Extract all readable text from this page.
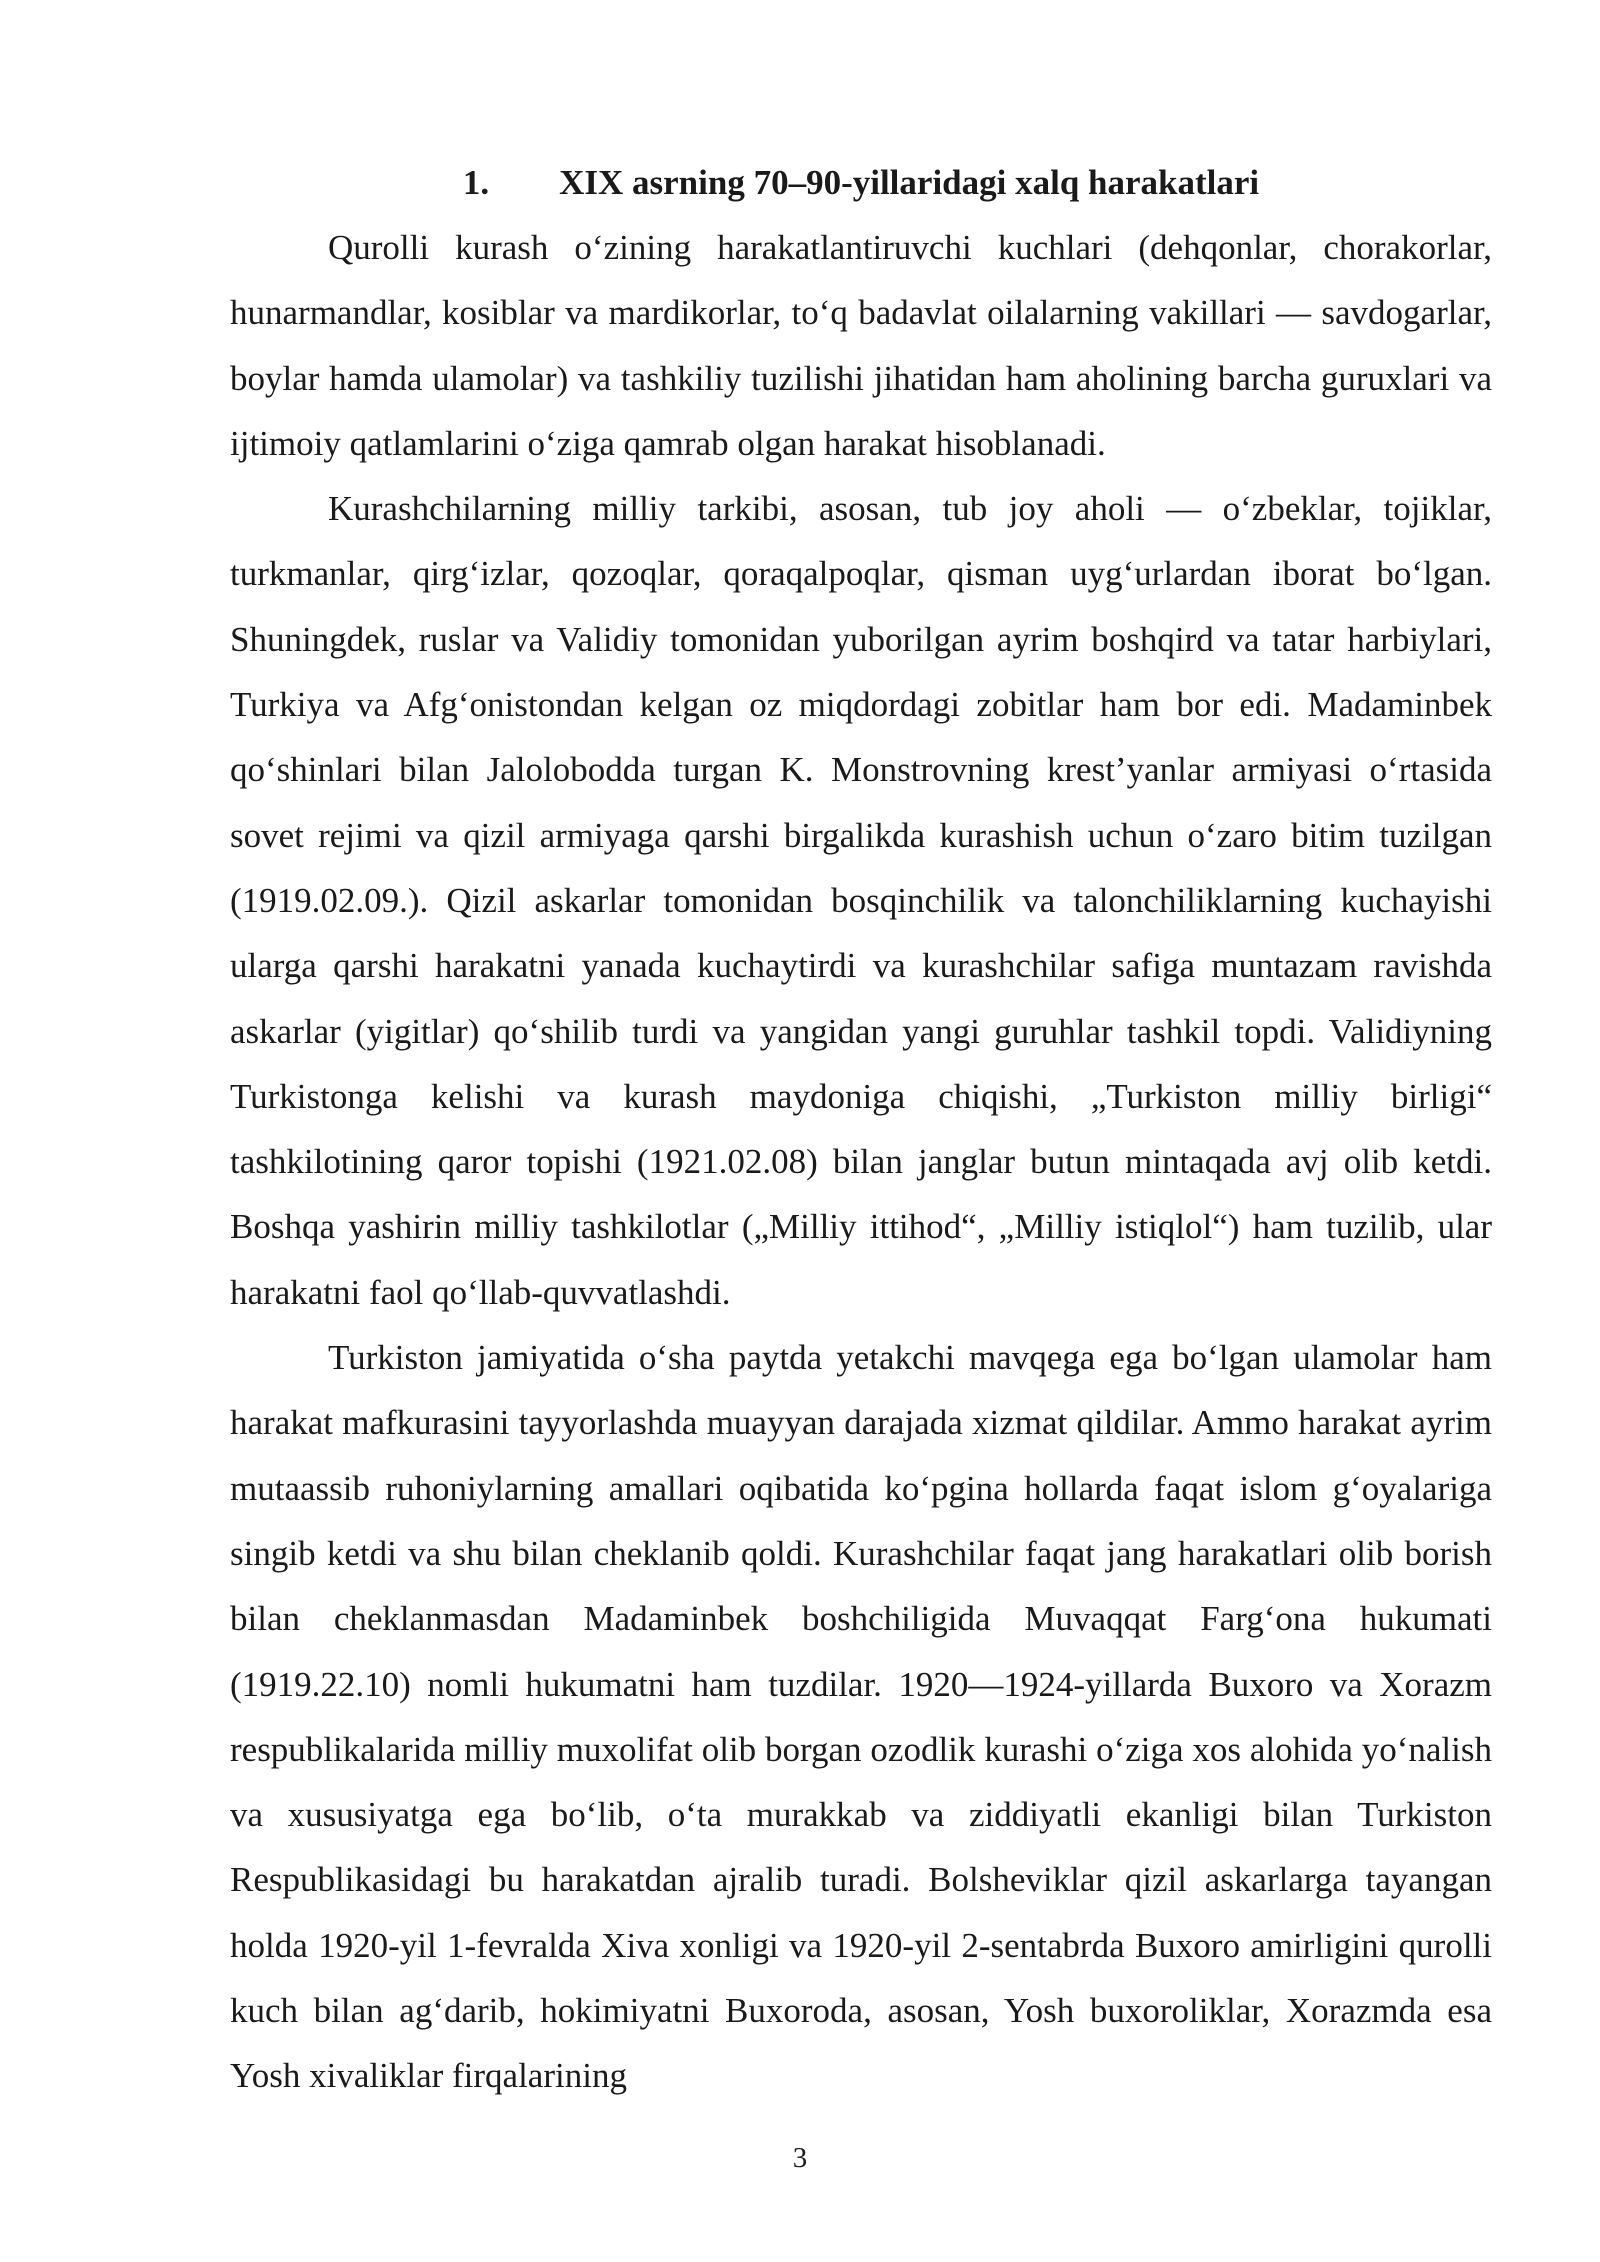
1. XIX asrning 70–90-yillaridagi xalq harakatlari

Qurolli kurash o‘zining harakatlantiruvchi kuchlari (dehqonlar, chorakorlar, hunarmandlar, kosiblar va mardikorlar, to‘q badavlat oilalarning vakillari — savdogarlar, boylar hamda ulamolar) va tashkiliy tuzilishi jihatidan ham aholining barcha guruxlari va ijtimoiy qatlamlarini o‘ziga qamrab olgan harakat hisoblanadi.

Kurashchilarning milliy tarkibi, asosan, tub joy aholi — o‘zbeklar, tojiklar, turkmanlar, qirg‘izlar, qozoqlar, qoraqalpoqlar, qisman uyg‘urlardan iborat bo‘lgan. Shuningdek, ruslar va Validiy tomonidan yuborilgan ayrim boshqird va tatar harbiylari, Turkiya va Afg‘onistondan kelgan oz miqdordagi zobitlar ham bor edi. Madaminbek qo‘shinlari bilan Jalolobodda turgan K. Monstrovning krest’yanlar armiyasi o‘rtasida sovet rejimi va qizil armiyaga qarshi birgalikda kurashish uchun o‘zaro bitim tuzilgan (1919.02.09.). Qizil askarlar tomonidan bosqinchilik va talonchiliklarning kuchayishi ularga qarshi harakatni yanada kuchaytirdi va kurashchilar safiga muntazam ravishda askarlar (yigitlar) qo‘shilib turdi va yangidan yangi guruhlar tashkil topdi. Validiyning Turkistonga kelishi va kurash maydoniga chiqishi, „Turkiston milliy birligi“ tashkilotining qaror topishi (1921.02.08) bilan janglar butun mintaqada avj olib ketdi. Boshqa yashirin milliy tashkilotlar („Milliy ittihod“, „Milliy istiqlol“) ham tuzilib, ular harakatni faol qo‘llab-quvvatlashdi.

Turkiston jamiyatida o‘sha paytda yetakchi mavqega ega bo‘lgan ulamolar ham harakat mafkurasini tayyorlashda muayyan darajada xizmat qildilar. Ammo harakat ayrim mutaassib ruhoniylarning amallari oqibatida ko‘pgina hollarda faqat islom g‘oyalariga singib ketdi va shu bilan cheklanib qoldi. Kurashchilar faqat jang harakatlari olib borish bilan cheklanmasdan Madaminbek boshchiligida Muvaqqat Farg‘ona hukumati (1919.22.10) nomli hukumatni ham tuzdilar. 1920—1924-yillarda Buxoro va Xorazm respublikalarida milliy muxolifat olib borgan ozodlik kurashi o‘ziga xos alohida yo‘nalish va xususiyatga ega bo‘lib, o‘ta murakkab va ziddiyatli ekanligi bilan Turkiston Respublikasidagi bu harakatdan ajralib turadi. Bolsheviklar qizil askarlarga tayangan holda 1920-yil 1-fevralda Xiva xonligi va 1920-yil 2-sentabrda Buxoro amirligini qurolli kuch bilan ag‘darib, hokimiyatni Buxoroda, asosan, Yosh buxoroliklar, Xorazmda esa Yosh xivaliklar firqalarining

3
